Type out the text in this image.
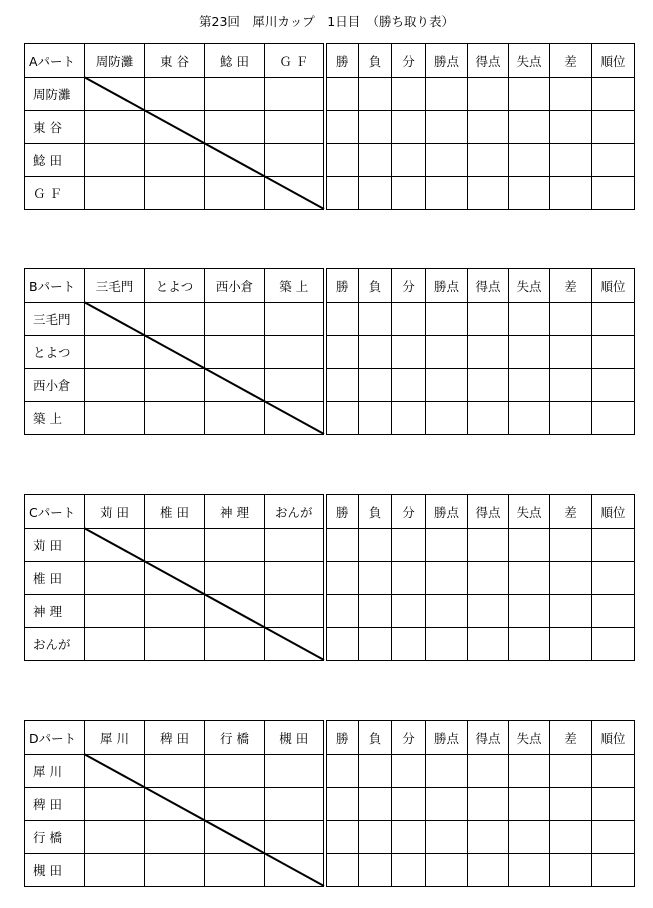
第23回　犀川カップ　1日目　（勝ち取り表）
Aパート	周防灘	東 谷	鯰 田	Ｇ Ｆ	勝	負	分	勝点	得点	失点	差	順位
周防灘												
東 谷												
鯰 田												
Ｇ Ｆ												
Bパート	三毛門	とよつ	西小倉	築 上	勝	負	分	勝点	得点	失点	差	順位
三毛門												
とよつ												
西小倉												
築 上												
Cパート	苅 田	椎 田	神 理	おんが	勝	負	分	勝点	得点	失点	差	順位
苅 田												
椎 田												
神 理												
おんが												
Dパート	犀 川	稗 田	行 橋	槻 田	勝	負	分	勝点	得点	失点	差	順位
犀 川												
稗 田												
行 橋												
槻 田												
